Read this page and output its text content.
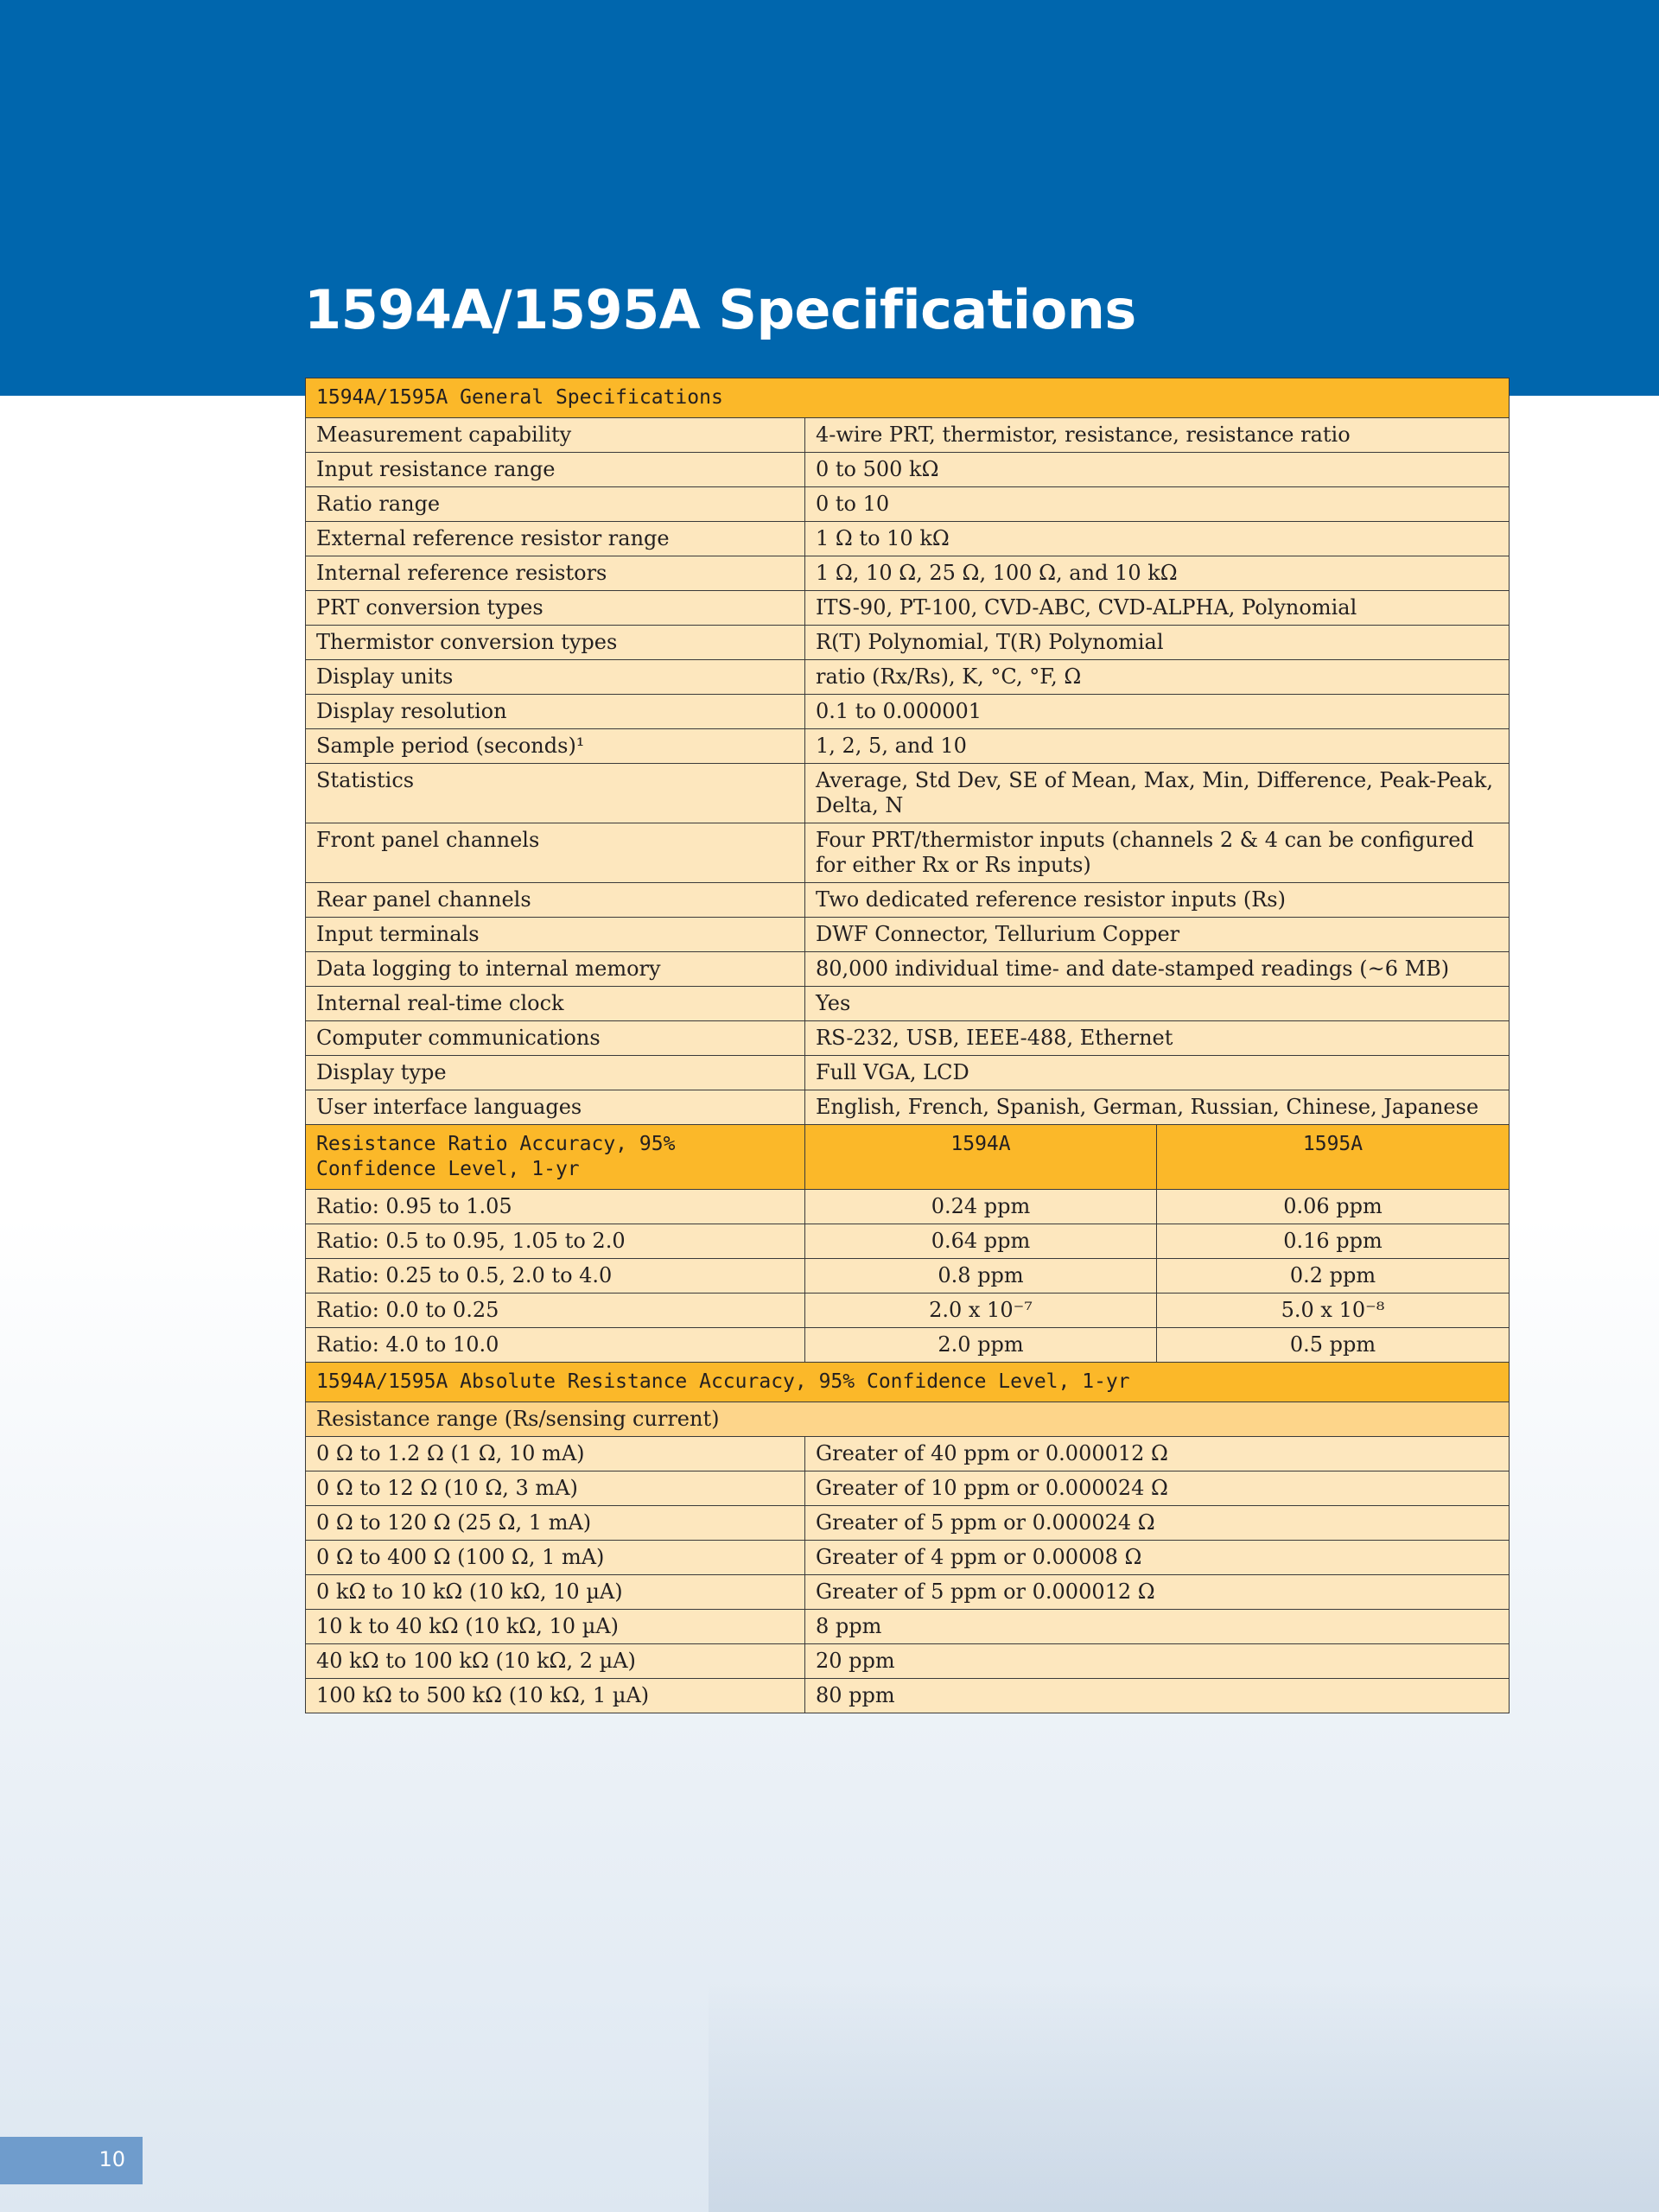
1594A/1595A Specifications
1594A/1595A General Specifications		
Measurement capability	4-wire PRT, thermistor, resistance, resistance ratio	
Input resistance range	0 to 500 kΩ	
Ratio range	0 to 10	
External reference resistor range	1 Ω to 10 kΩ	
Internal reference resistors	1 Ω, 10 Ω, 25 Ω, 100 Ω, and 10 kΩ	
PRT conversion types	ITS-90, PT-100, CVD-ABC, CVD-ALPHA, Polynomial	
Thermistor conversion types	R(T) Polynomial, T(R) Polynomial	
Display units	ratio (Rx/Rs), K, °C, °F, Ω	
Display resolution	0.1 to 0.000001	
Sample period (seconds)¹	1, 2, 5, and 10	
Statistics	Average, Std Dev, SE of Mean, Max, Min, Difference, Peak-Peak, Delta, N	
Front panel channels	Four PRT/thermistor inputs (channels 2 & 4 can be configured for either Rx or Rs inputs)	
Rear panel channels	Two dedicated reference resistor inputs (Rs)	
Input terminals	DWF Connector, Tellurium Copper	
Data logging to internal memory	80,000 individual time- and date-stamped readings (~6 MB)	
Internal real-time clock	Yes	
Computer communications	RS-232, USB, IEEE-488, Ethernet	
Display type	Full VGA, LCD	
User interface languages	English, French, Spanish, German, Russian, Chinese, Japanese	
Resistance Ratio Accuracy, 95% Confidence Level, 1-yr	1594A	1595A
Ratio: 0.95 to 1.05	0.24 ppm	0.06 ppm
Ratio: 0.5 to 0.95, 1.05 to 2.0	0.64 ppm	0.16 ppm
Ratio: 0.25 to 0.5, 2.0 to 4.0	0.8 ppm	0.2 ppm
Ratio: 0.0 to 0.25	2.0 x 10⁻⁷	5.0 x 10⁻⁸
Ratio: 4.0 to 10.0	2.0 ppm	0.5 ppm
1594A/1595A Absolute Resistance Accuracy, 95% Confidence Level, 1-yr		
Resistance range (Rs/sensing current)		
0 Ω to 1.2 Ω (1 Ω, 10 mA)	Greater of 40 ppm or 0.000012 Ω	
0 Ω to 12 Ω (10 Ω, 3 mA)	Greater of 10 ppm or 0.000024 Ω	
0 Ω to 120 Ω (25 Ω, 1 mA)	Greater of 5 ppm or 0.000024 Ω	
0 Ω to 400 Ω (100 Ω, 1 mA)	Greater of 4 ppm or 0.00008 Ω	
0 kΩ to 10 kΩ (10 kΩ, 10 µA)	Greater of 5 ppm or 0.000012 Ω	
10 k to 40 kΩ (10 kΩ, 10 µA)	8 ppm	
40 kΩ to 100 kΩ (10 kΩ, 2 µA)	20 ppm	
100 kΩ to 500 kΩ (10 kΩ, 1 µA)	80 ppm	
10
